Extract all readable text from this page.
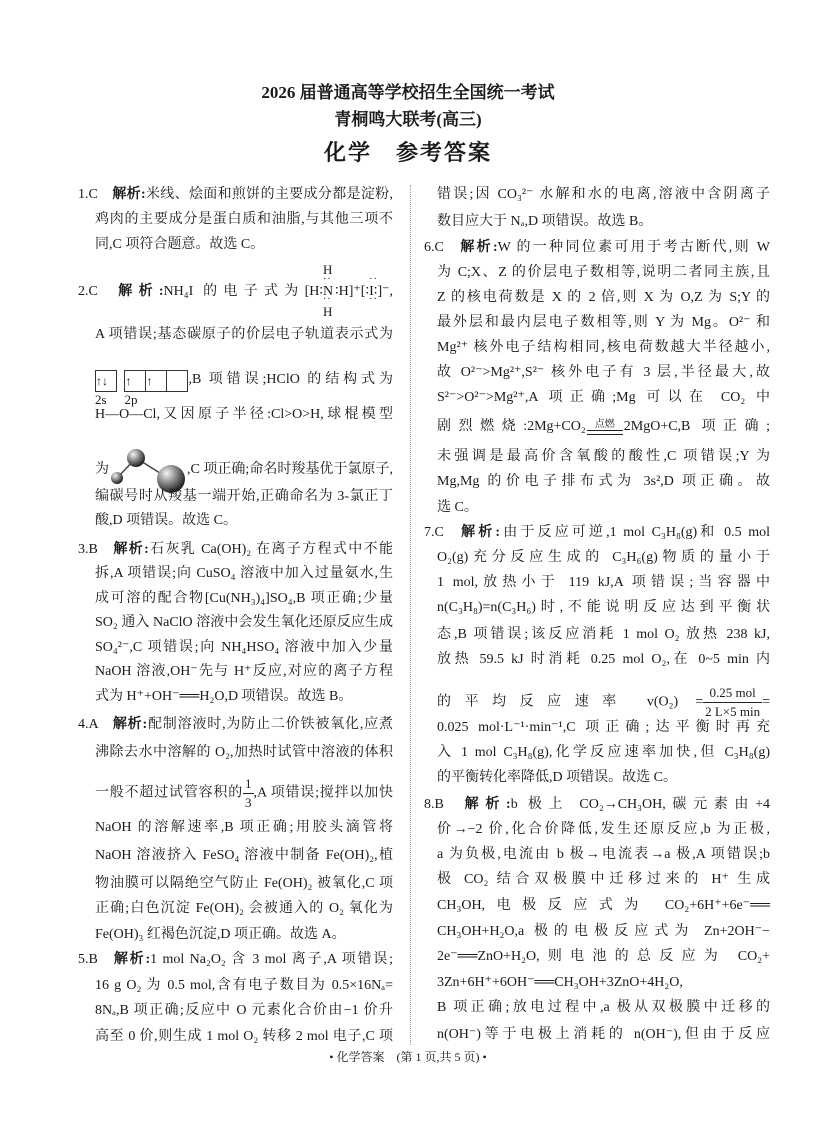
2026 届普通高等学校招生全国统一考试
青桐鸣大联考(高三)
化学　参考答案
1.C 解析:米线、烩面和煎饼的主要成分都是淀粉,
鸡肉的主要成分是蛋白质和油脂,与其他三项不
同,C 项符合题意。故选 C。
2.C 解析:NH₄I 的电子式为[H∶·· N
H
H
··∶H]⁺[∶·· I ··∶]⁻,
A 项错误;基态碳原子的价层电子轨道表示式为
↑↓
2s
↑ ↑
2p
,B 项错误;HClO 的结构式为
H—O—Cl,又因原子半径:Cl>O>H,球棍模型
为	,C 项正确;命名时羧基优于氯原子,
编碳号时从羧基一端开始,正确命名为 3-氯正丁
酸,D 项错误。故选 C。
3.B 解析:石灰乳 Ca(OH)₂ 在离子方程式中不能
拆,A 项错误;向 CuSO₄ 溶液中加入过量氨水,生
成可溶的配合物[Cu(NH₃)₄]SO₄,B 项正确;少量
SO₂ 通入 NaClO 溶液中会发生氧化还原反应生成
SO₄²⁻,C 项错误;向 NH₄HSO₄ 溶液中加入少量
NaOH 溶液,OH⁻先与 H⁺反应,对应的离子方程
式为 H⁺+OH⁻══H₂O,D 项错误。故选 B。
4.A 解析:配制溶液时,为防止二价铁被氧化,应煮
沸除去水中溶解的 O₂,加热时试管中溶液的体积
一般不超过试管容积的 $\frac{1}{3} ,A$ 项错误;搅拌以加快
NaOH 的溶解速率,B 项正确;用胶头滴管将
NaOH 溶液挤入 FeSO₄ 溶液中制备 Fe(OH)₂,植
物油膜可以隔绝空气防止 Fe(OH)₂ 被氧化,C 项
正确;白色沉淀 Fe(OH)₂ 会被通入的 O₂ 氧化为
Fe(OH)₃ 红褐色沉淀,D 项正确。故选 A。
5.B 解析:1 mol Na₂O₂ 含 3 mol 离子,A 项错误;
16 g O₂ 为 0.5 mol,含有电子数目为 0.5×16Nₐ=
8Nₐ,B 项正确;反应中 O 元素化合价由−1 价升
高至 0 价,则生成 1 mol O₂ 转移 2 mol 电子,C 项
错误;因 CO₃²⁻ 水解和水的电离,溶液中含阴离子
数目应大于 Nₐ,D 项错误。故选 B。
6.C 解析:W 的一种同位素可用于考古断代,则 W
为 C;X、Z 的价层电子数相等,说明二者同主族,且
Z 的核电荷数是 X 的 2 倍,则 X 为 O,Z 为 S;Y 的
最外层和最内层电子数相等,则 Y 为 Mg。O²⁻ 和
Mg²⁺ 核外电子结构相同,核电荷数越大半径越小,
故 O²⁻>Mg²⁺,S²⁻ 核外电子有 3 层,半径最大,故
S²⁻>O²⁻>Mg²⁺,A 项正确;Mg 可以在 CO₂ 中
剧烈燃烧:2Mg+CO₂ 点燃 2MgO+C,B 项正确;
未强调是最高价含氧酸的酸性,C 项错误;Y 为
Mg,Mg 的价电子排布式为 3s²,D 项正确。故
选 C。
7.C 解析:由于反应可逆,1 mol C₃H₈(g)和 0.5 mol
O₂(g)充分反应生成的 C₃H₆(g)物质的量小于
1 mol,放热小于 119 kJ,A 项错误;当容器中
n(C₃H₈)=n(C₃H₆)时,不能说明反应达到平衡状
态,B 项错误;该反应消耗 1 mol O₂ 放热 238 kJ,
放热 59.5 kJ 时消耗 0.25 mol O₂,在 0~5 min 内
的平均反应速率 $v(O_2) = \frac{\text{0.25 mol}}{2 L\times 5 \min}$ =
0.025 mol·L⁻¹·min⁻¹,C 项正确;达平衡时再充
入 1 mol C₃H₈(g),化学反应速率加快,但 C₃H₈(g)
的平衡转化率降低,D 项错误。故选 C。
8.B 解析:b 极上 CO₂→CH₃OH,碳元素由+4
价→−2 价,化合价降低,发生还原反应,b 为正极,
a 为负极,电流由 b 极→电流表→a 极,A 项错误;b
极 CO₂ 结合双极膜中迁移过来的 H⁺ 生成
CH₃OH,电极反应式为 CO₂+6H⁺+6e⁻══
CH₃OH+H₂O,a 极的电极反应式为 Zn+2OH⁻−
2e⁻══ZnO+H₂O,则电池的总反应为 CO₂+
3Zn+6H⁺+6OH⁻══CH₃OH+3ZnO+4H₂O,
B 项正确;放电过程中,a 极从双极膜中迁移的
n(OH⁻)等于电极上消耗的 n(OH⁻),但由于反应
• 化学答案　(第 1 页,共 5 页) •
